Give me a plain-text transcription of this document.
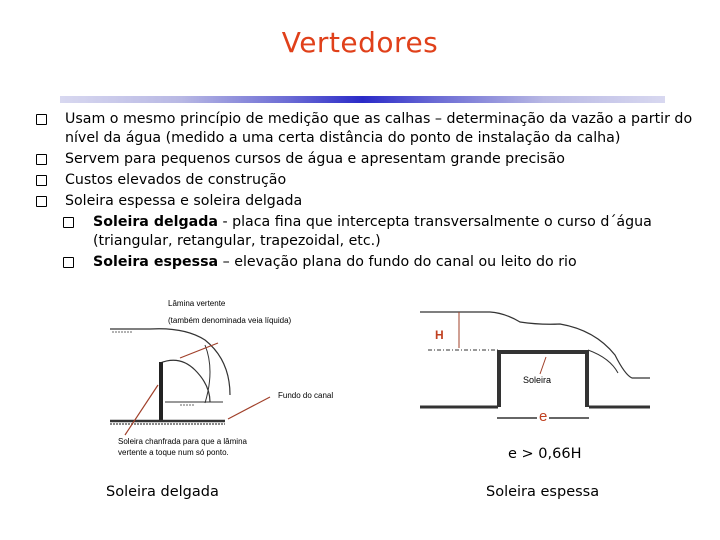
Vertedores
Usam o mesmo princípio de medição que as calhas – determinação da vazão a partir do nível da água (medido a uma certa distância do ponto de instalação da calha)
Servem para pequenos cursos de água e apresentam grande precisão
Custos elevados de construção
Soleira espessa e soleira delgada
Soleira delgada - placa fina que intercepta transversalmente o curso d´água (triangular, retangular, trapezoidal, etc.)
Soleira espessa – elevação plana do fundo do canal ou leito do rio
Lâmina vertente
(também denominada veia líquida)
Fundo do canal
Soleira chanfrada para que a lâmina
vertente a toque num só ponto.
H
Soleira
e
e > 0,66H
Soleira delgada	Soleira espessa
